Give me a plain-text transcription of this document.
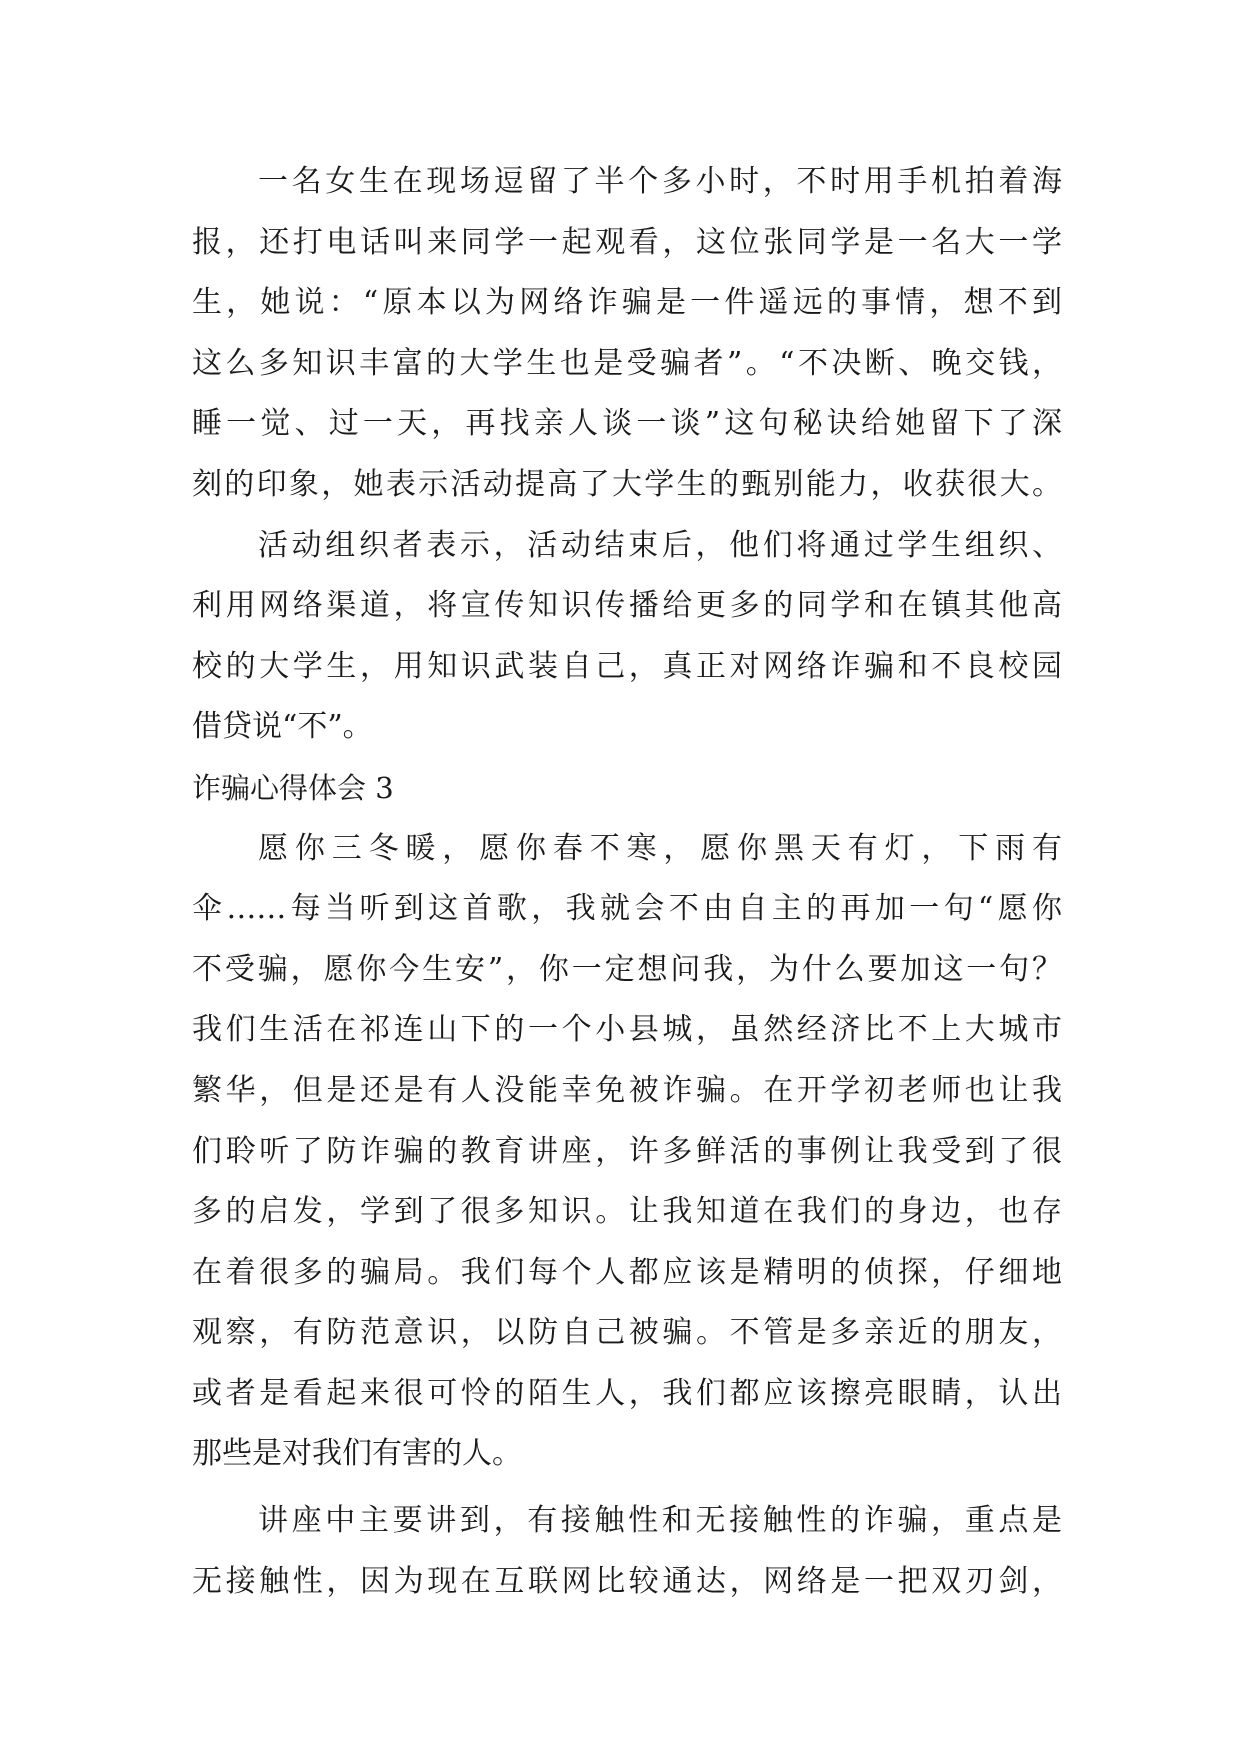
一名女生在现场逗留了半个多小时，不时用手机拍着海
报，还打电话叫来同学一起观看，这位张同学是一名大一学
生，她说：“原本以为网络诈骗是一件遥远的事情，想不到
这么多知识丰富的大学生也是受骗者”。“不决断、晚交钱，
睡一觉、过一天，再找亲人谈一谈”这句秘诀给她留下了深
刻的印象，她表示活动提高了大学生的甄别能力，收获很大。
活动组织者表示，活动结束后，他们将通过学生组织、
利用网络渠道，将宣传知识传播给更多的同学和在镇其他高
校的大学生，用知识武装自己，真正对网络诈骗和不良校园
借贷说“不”。
诈骗心得体会 3
愿你三冬暖，愿你春不寒，愿你黑天有灯，下雨有
伞……每当听到这首歌，我就会不由自主的再加一句“愿你
不受骗，愿你今生安”，你一定想问我，为什么要加这一句？
我们生活在祁连山下的一个小县城，虽然经济比不上大城市
繁华，但是还是有人没能幸免被诈骗。在开学初老师也让我
们聆听了防诈骗的教育讲座，许多鲜活的事例让我受到了很
多的启发，学到了很多知识。让我知道在我们的身边，也存
在着很多的骗局。我们每个人都应该是精明的侦探，仔细地
观察，有防范意识，以防自己被骗。不管是多亲近的朋友，
或者是看起来很可怜的陌生人，我们都应该擦亮眼睛，认出
那些是对我们有害的人。
讲座中主要讲到，有接触性和无接触性的诈骗，重点是
无接触性，因为现在互联网比较通达，网络是一把双刃剑，
